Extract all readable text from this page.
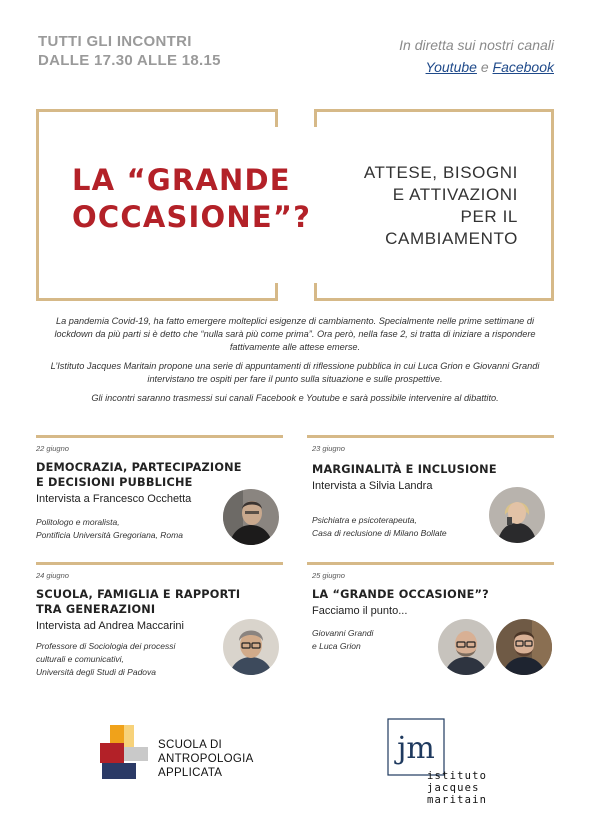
TUTTI GLI INCONTRI
DALLE 17.30 ALLE 18.15
In diretta sui nostri canali
Youtube e Facebook
LA “GRANDE
OCCASIONE”?
ATTESE, BISOGNI
E ATTIVAZIONI
PER IL
CAMBIAMENTO

La pandemia Covid-19, ha fatto emergere molteplici esigenze di cambiamento. Specialmente nelle prime settimane di lockdown da più parti si è detto che “nulla sarà più come prima”. Ora però, nella fase 2, si tratta di iniziare a rispondere fattivamente alle attese emerse.

L’Istituto Jacques Maritain propone una serie di appuntamenti di riflessione pubblica in cui Luca Grion e Giovanni Grandi intervistano tre ospiti per fare il punto sulla situazione e sulle prospettive.

Gli incontri saranno trasmessi sui canali Facebook e Youtube e sarà possibile intervenire al dibattito.

22 giugno
DEMOCRAZIA, PARTECIPAZIONE
E DECISIONI PUBBLICHE
Intervista a Francesco Occhetta
Politologo e moralista,
Pontificia Università Gregoriana, Roma
23 giugno
MARGINALITÀ E INCLUSIONE
Intervista a Silvia Landra
Psichiatra e psicoterapeuta,
Casa di reclusione di Milano Bollate
24 giugno
SCUOLA, FAMIGLIA E RAPPORTI
TRA GENERAZIONI
Intervista ad Andrea Maccarini
Professore di Sociologia dei processi
culturali e comunicativi,
Università degli Studi di Padova
25 giugno
LA “GRANDE OCCASIONE”?
Facciamo il punto...
Giovanni Grandi
e Luca Grion
SCUOLA DI
ANTROPOLOGIA
APPLICATA
jm
istituto
jacques
maritain
